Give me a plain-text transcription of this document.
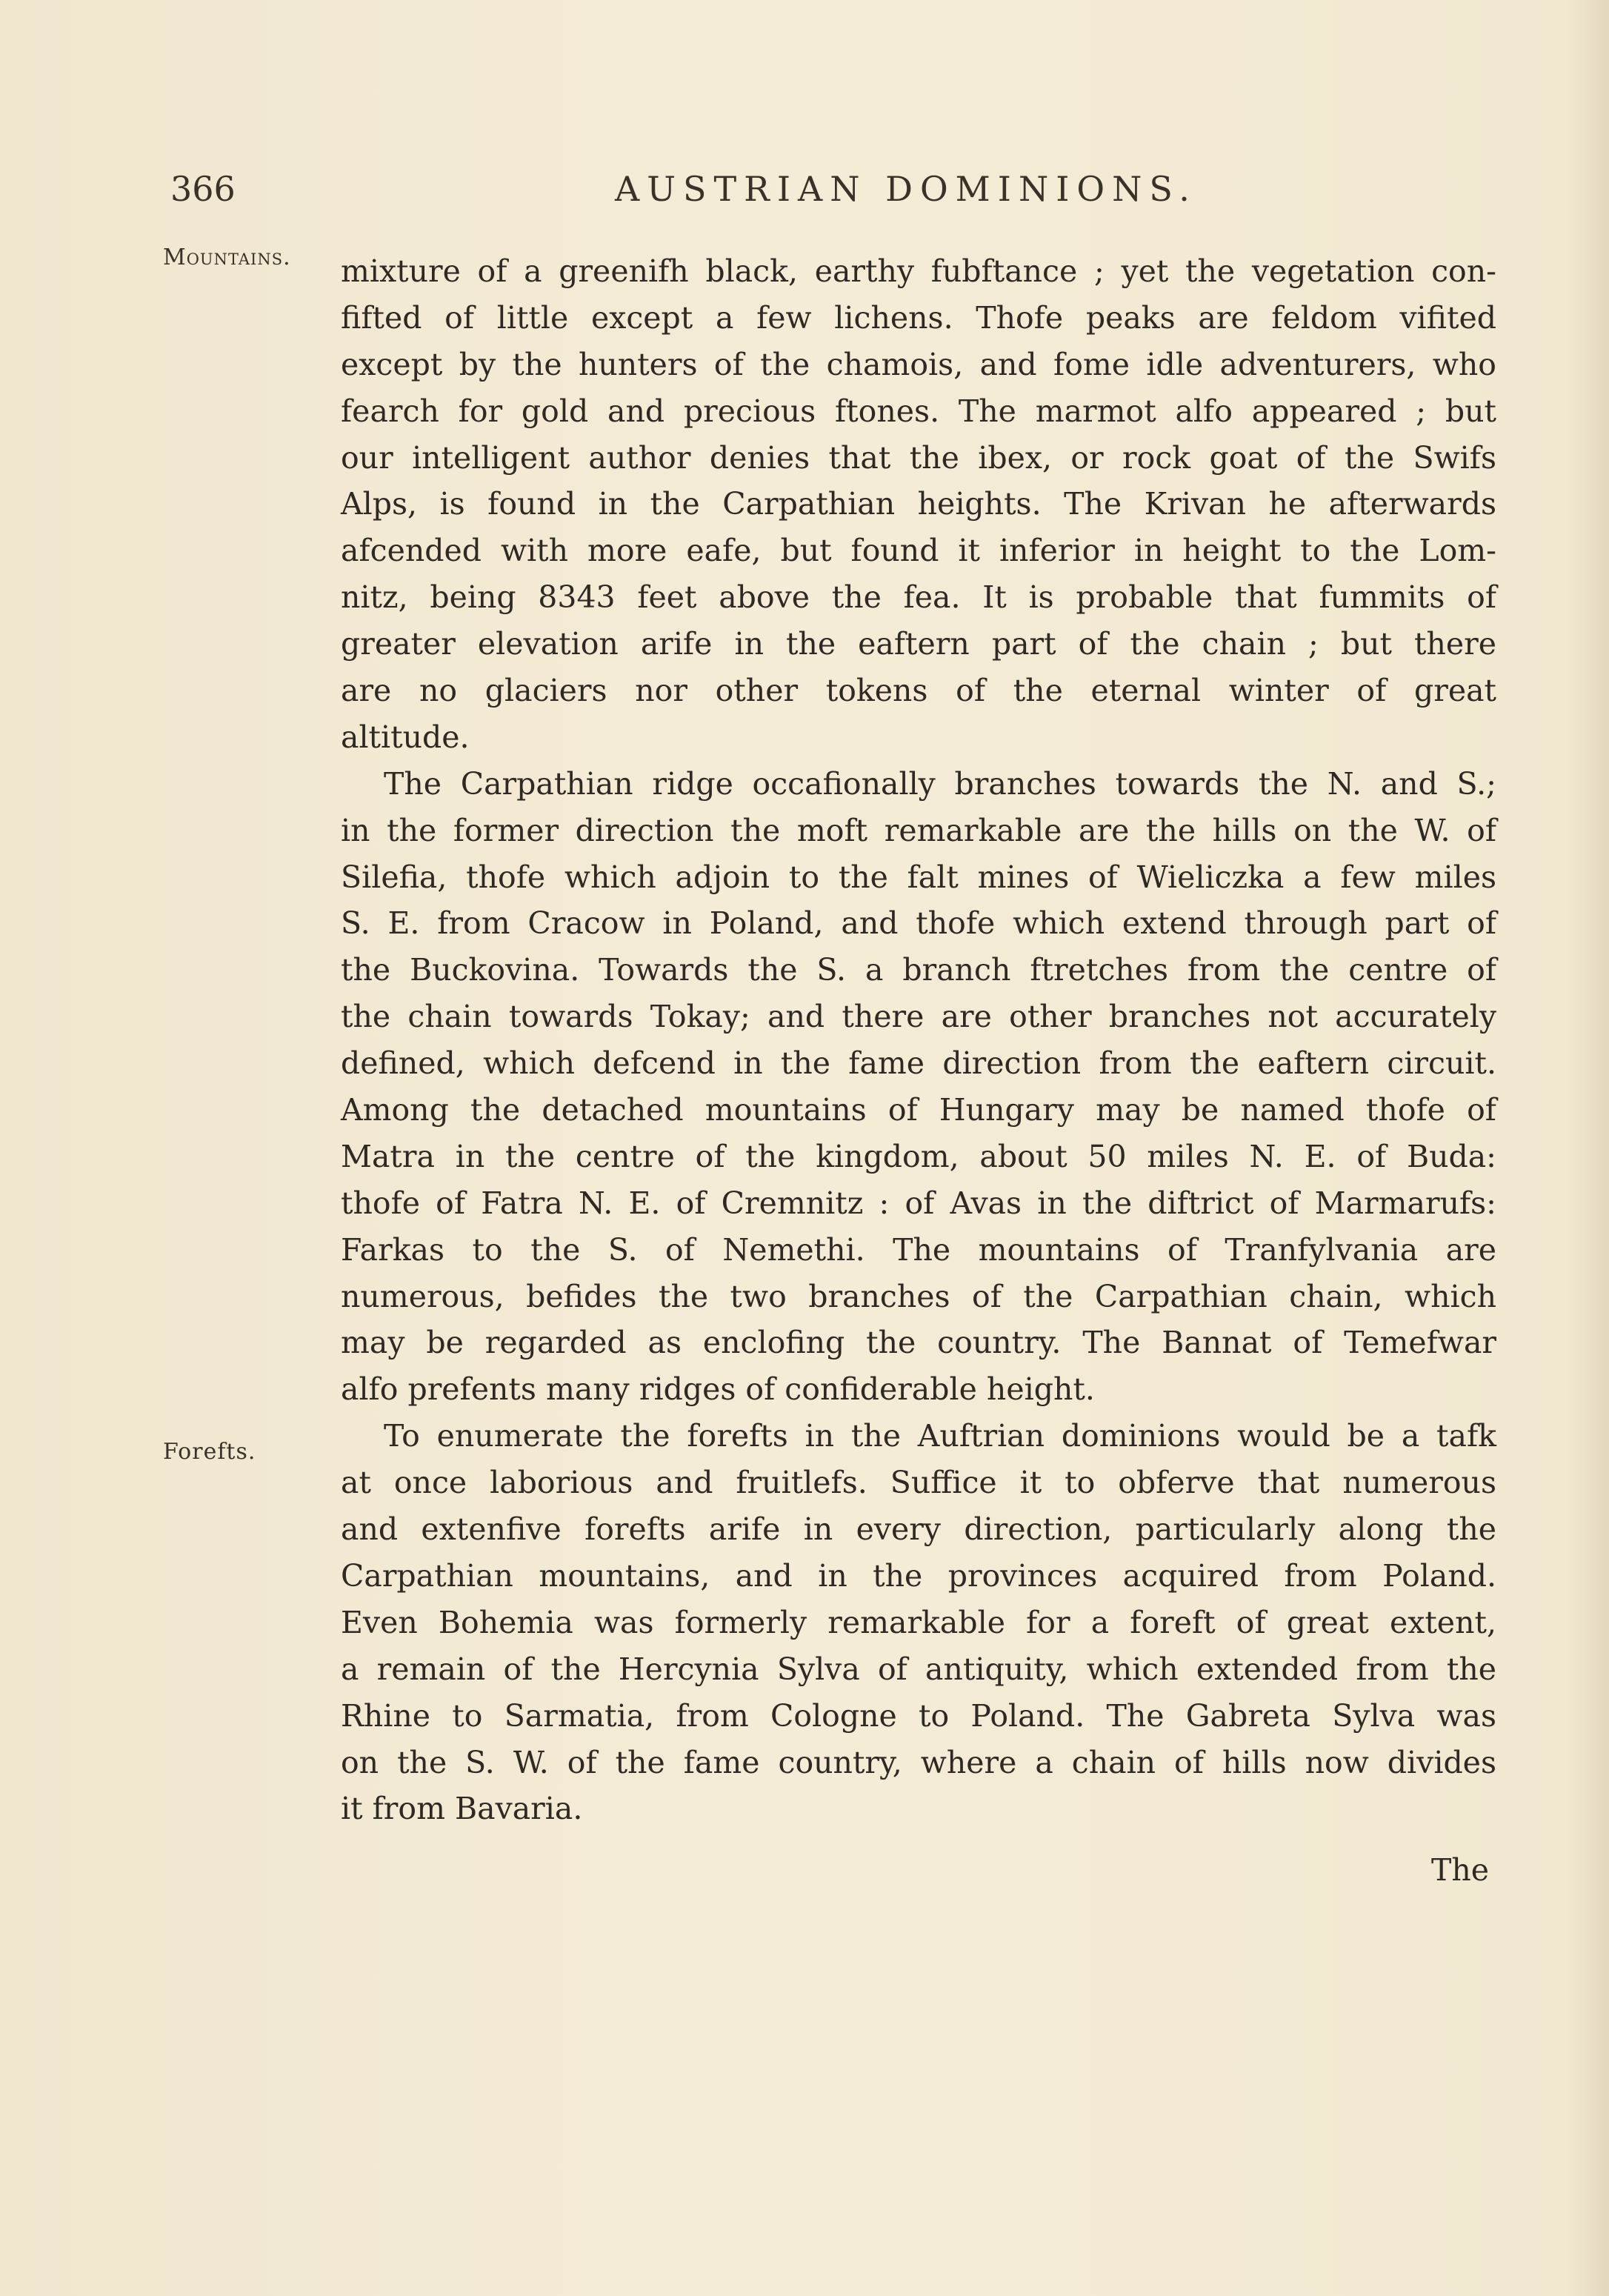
366	AUSTRIAN DOMINIONS.
Mountains.
Forefts.
mixture of a greenifh black, earthy fubftance ; yet the vegetation con-
fifted of little except a few lichens. Thofe peaks are feldom vifited
except by the hunters of the chamois, and fome idle adventurers, who
fearch for gold and precious ftones. The marmot alfo appeared ; but
our intelligent author denies that the ibex, or rock goat of the Swifs
Alps, is found in the Carpathian heights. The Krivan he afterwards
afcended with more eafe, but found it inferior in height to the Lom-
nitz, being 8343 feet above the fea. It is probable that fummits of
greater elevation arife in the eaftern part of the chain ; but there
are no glaciers nor other tokens of the eternal winter of great
altitude.
The Carpathian ridge occafionally branches towards the N. and S.;
in the former direction the moft remarkable are the hills on the W. of
Silefia, thofe which adjoin to the falt mines of Wieliczka a few miles
S. E. from Cracow in Poland, and thofe which extend through part of
the Buckovina. Towards the S. a branch ftretches from the centre of
the chain towards Tokay; and there are other branches not accurately
defined, which defcend in the fame direction from the eaftern circuit.
Among the detached mountains of Hungary may be named thofe of
Matra in the centre of the kingdom, about 50 miles N. E. of Buda:
thofe of Fatra N. E. of Cremnitz : of Avas in the diftrict of Marmarufs:
Farkas to the S. of Nemethi. The mountains of Tranfylvania are
numerous, befides the two branches of the Carpathian chain, which
may be regarded as enclofing the country. The Bannat of Temefwar
alfo prefents many ridges of confiderable height.
To enumerate the forefts in the Auftrian dominions would be a tafk
at once laborious and fruitlefs. Suffice it to obferve that numerous
and extenfive forefts arife in every direction, particularly along the
Carpathian mountains, and in the provinces acquired from Poland.
Even Bohemia was formerly remarkable for a foreft of great extent,
a remain of the Hercynia Sylva of antiquity, which extended from the
Rhine to Sarmatia, from Cologne to Poland. The Gabreta Sylva was
on the S. W. of the fame country, where a chain of hills now divides
it from Bavaria.
The
